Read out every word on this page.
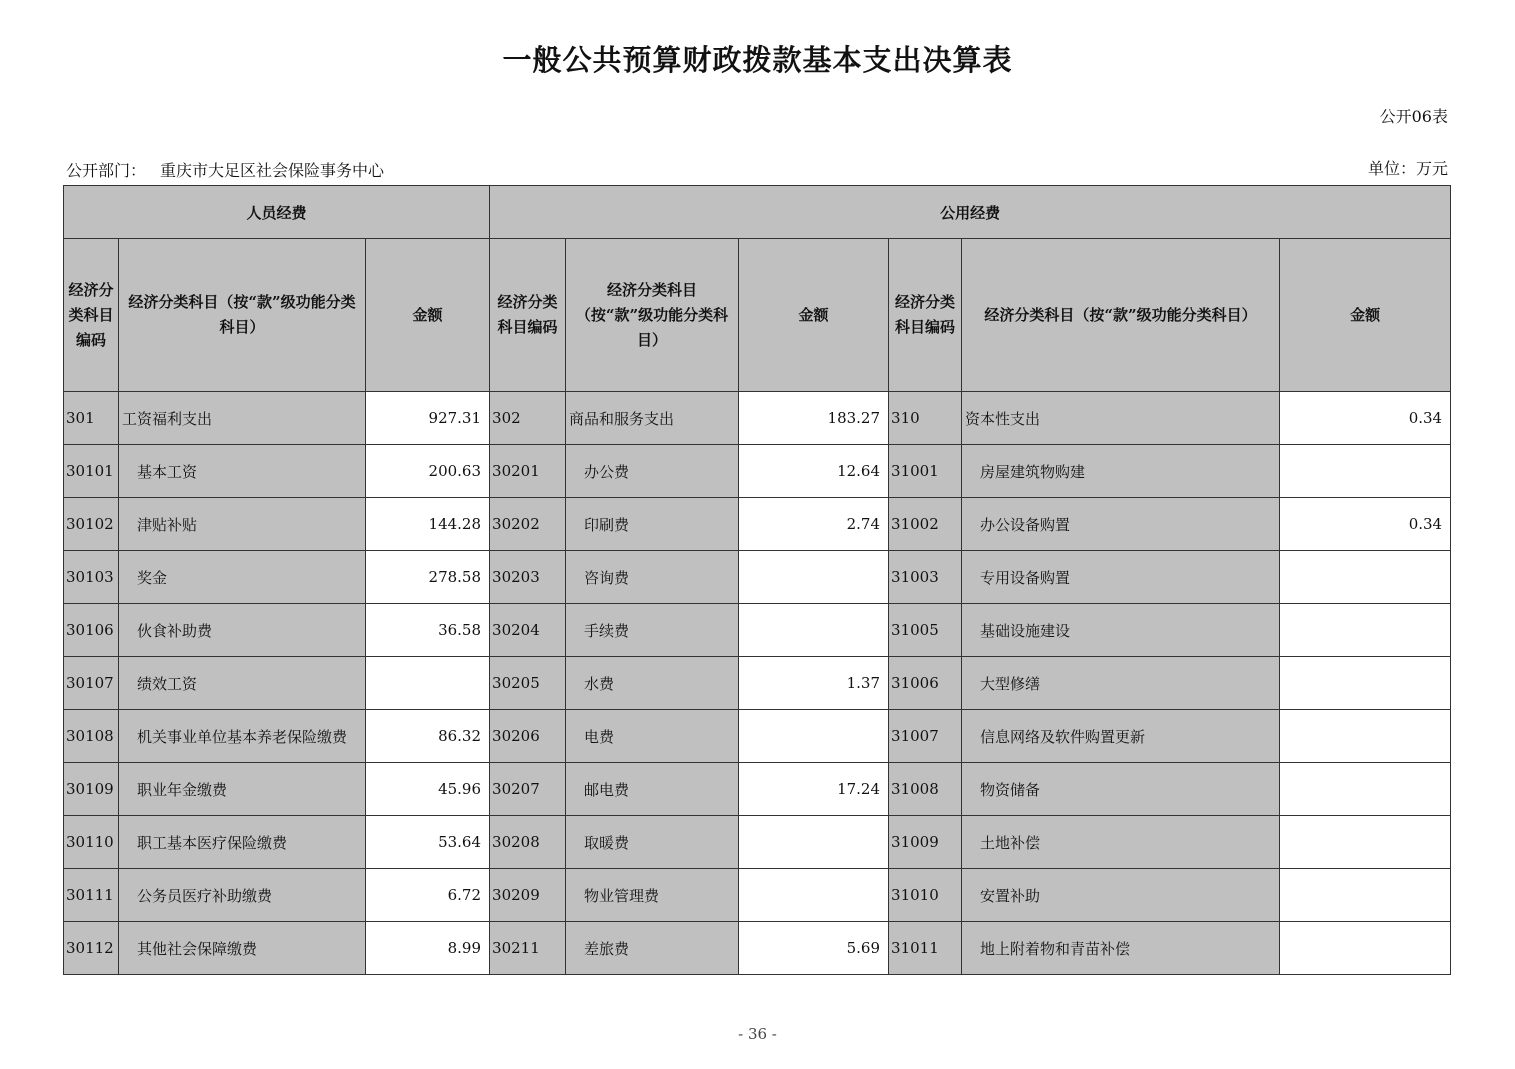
一般公共预算财政拨款基本支出决算表
公开06表
公开部门： 重庆市大足区社会保险事务中心	单位：万元
人员经费			公用经费					
经济分类科目编码	经济分类科目（按“款”级功能分类科目）	金额	经济分类科目编码	经济分类科目（按“款”级功能分类科目）	金额	经济分类科目编码	经济分类科目（按“款”级功能分类科目）	金额
301	工资福利支出	927.31	302	商品和服务支出	183.27	310	资本性支出	0.34
30101	基本工资	200.63	30201	办公费	12.64	31001	房屋建筑物购建	
30102	津贴补贴	144.28	30202	印刷费	2.74	31002	办公设备购置	0.34
30103	奖金	278.58	30203	咨询费		31003	专用设备购置	
30106	伙食补助费	36.58	30204	手续费		31005	基础设施建设	
30107	绩效工资		30205	水费	1.37	31006	大型修缮	
30108	机关事业单位基本养老保险缴费	86.32	30206	电费		31007	信息网络及软件购置更新	
30109	职业年金缴费	45.96	30207	邮电费	17.24	31008	物资储备	
30110	职工基本医疗保险缴费	53.64	30208	取暖费		31009	土地补偿	
30111	公务员医疗补助缴费	6.72	30209	物业管理费		31010	安置补助	
30112	其他社会保障缴费	8.99	30211	差旅费	5.69	31011	地上附着物和青苗补偿	
- 36 -
